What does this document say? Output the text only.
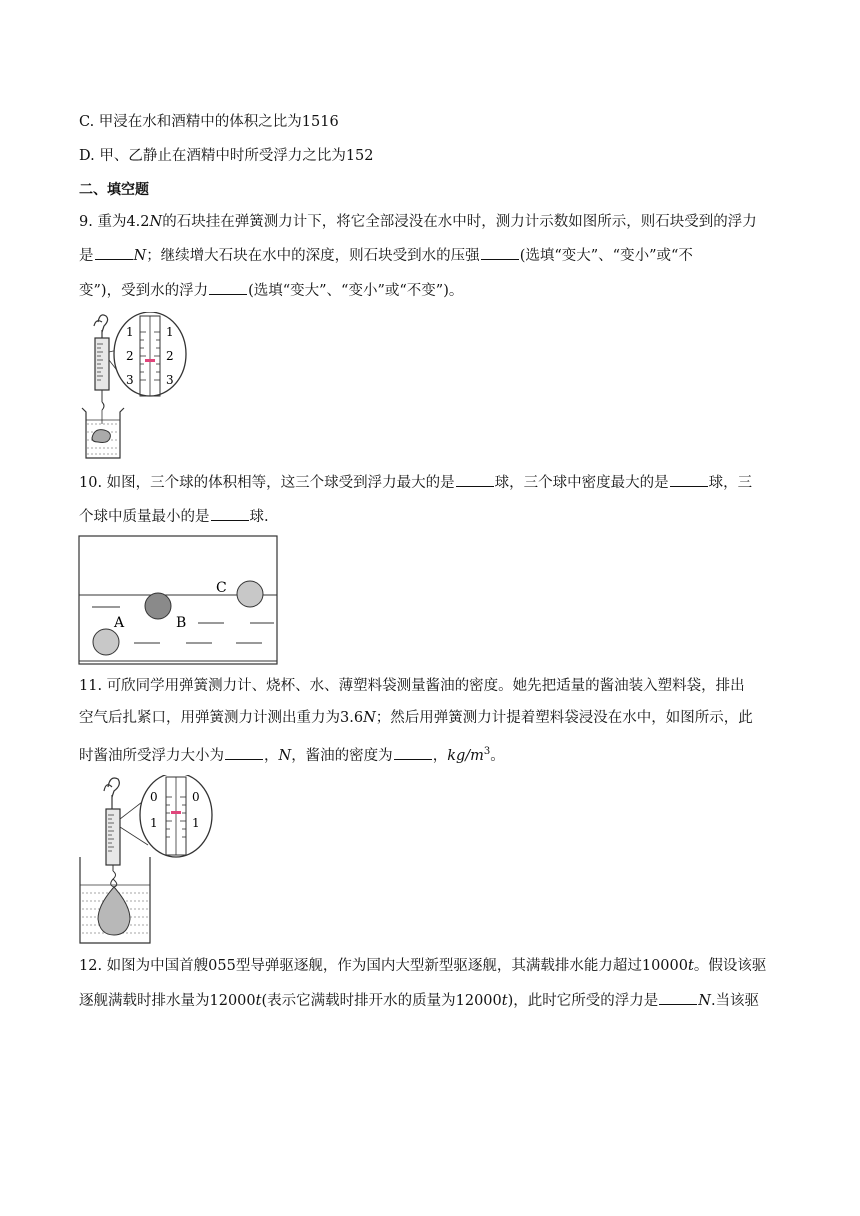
C. 甲浸在水和酒精中的体积之比为1516
D. 甲、乙静止在酒精中时所受浮力之比为152
二、填空题
9. 重为4.2N的石块挂在弹簧测力计下，将它全部浸没在水中时，测力计示数如图所示，则石块受到的浮力
是	N；继续增大石块在水中的深度，则石块受到水的压强	(选填“变大”、“变小”或“不
变”)，受到水的浮力	(选填“变大”、“变小”或“不变”)。
1
2
3
1
2
3
10. 如图，三个球的体积相等，这三个球受到浮力最大的是	球，三个球中密度最大的是	球，三
个球中质量最小的是	球.
A	B
C
11. 可欣同学用弹簧测力计、烧杯、水、薄塑料袋测量酱油的密度。她先把适量的酱油装入塑料袋，排出
空气后扎紧口，用弹簧测力计测出重力为3.6N；然后用弹簧测力计提着塑料袋浸没在水中，如图所示，此
时酱油所受浮力大小为	，N，酱油的密度为	，$kg/m^3$。
0
1
0
1
12. 如图为中国首艘055型导弹驱逐舰，作为国内大型新型驱逐舰，其满载排水能力超过10000t。假设该驱
逐舰满载时排水量为12000t(表示它满载时排开水的质量为12000t)，此时它所受的浮力是	N.当该驱
